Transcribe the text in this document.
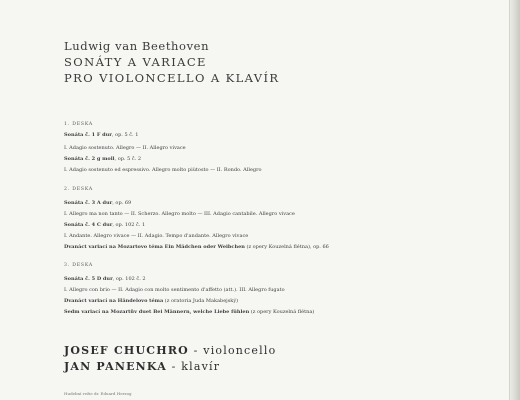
Ludwig van Beethoven
SONÁTY A VARIACE
PRO VIOLONCELLO A KLAVÍR
1. DESKA
Sonáta č. 1 F dur, op. 5 č. 1
I. Adagio sostenuto. Allegro — II. Allegro vivace
Sonáta č. 2 g moll, op. 5 č. 2
I. Adagio sostenuto ed espressivo. Allegro molto piùtosto — II. Rondo. Allegro
2. DESKA
Sonáta č. 3 A dur, op. 69
I. Allegro ma non tanto — II. Scherzo. Allegro molto — III. Adagio cantabile. Allegro vivace
Sonáta č. 4 C dur, op. 102 č. 1
I. Andante. Allegro vivace — II. Adagio. Tempo d'andante. Allegro vivace
Dvanáct variací na Mozartovo téma Ein Mädchen oder Weibchen (z opery Kouzelná flétna), op. 66
3. DESKA
Sonáta č. 5 D dur, op. 102 č. 2
I. Allegro con brio — II. Adagio con molto sentimento d'affetto (att.). III. Allegro fugato
Dvanáct variací na Händelovo téma (z oratoria Juda Makabejský)
Sedm variací na Mozartův duet Bei Männern, welche Liebe fühlen (z opery Kouzelná flétna)
JOSEF CHUCHRO - violoncello
JAN PANENKA - klavír
Hudební režie dr. Eduard Herzog
